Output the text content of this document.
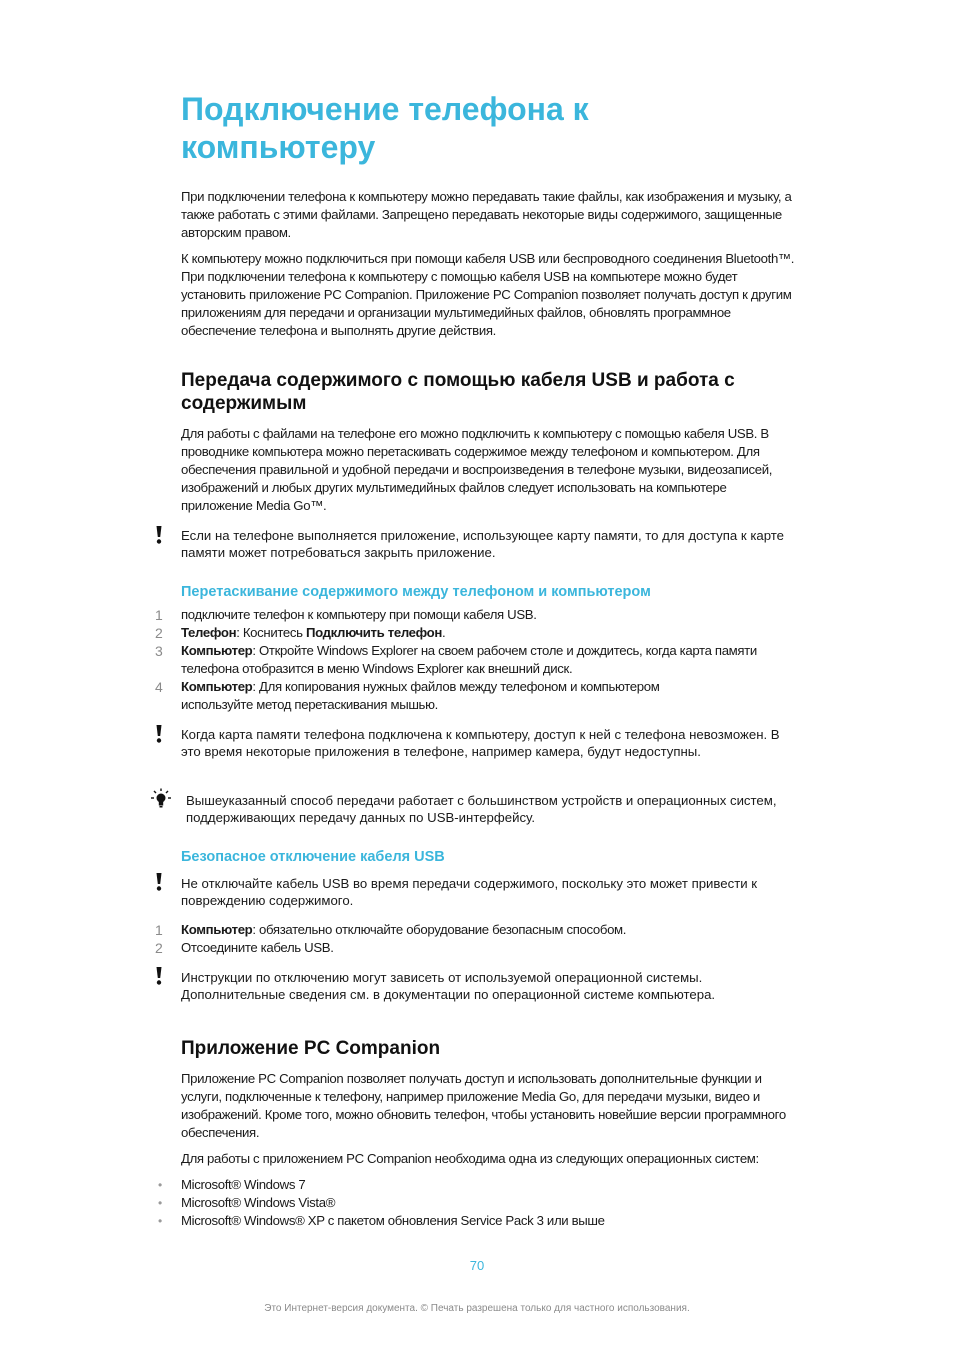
Подключение телефона к компьютеру

При подключении телефона к компьютеру можно передавать такие файлы, как изображения и музыку, а также работать с этими файлами. Запрещено передавать некоторые виды содержимого, защищенные авторским правом.

К компьютеру можно подключиться при помощи кабеля USB или беспроводного соединения Bluetooth™. При подключении телефона к компьютеру с помощью кабеля USB на компьютере можно будет установить приложение PC Companion. Приложение PC Companion позволяет получать доступ к другим приложениям для передачи и организации мультимедийных файлов, обновлять программное обеспечение телефона и выполнять другие действия.

Передача содержимого с помощью кабеля USB и работа с содержимым

Для работы с файлами на телефоне его можно подключить к компьютеру с помощью кабеля USB. В проводнике компьютера можно перетаскивать содержимое между телефоном и компьютером. Для обеспечения правильной и удобной передачи и воспроизведения в телефоне музыки, видеозаписей, изображений и любых других мультимедийных файлов следует использовать на компьютере приложение Media Go™.

Если на телефоне выполняется приложение, использующее карту памяти, то для доступа к карте памяти может потребоваться закрыть приложение.

Перетаскивание содержимого между телефоном и компьютером
1	подключите телефон к компьютеру при помощи кабеля USB.

2	Телефон: Коснитесь Подключить телефон.

3	Компьютер: Откройте Windows Explorer на своем рабочем столе и дождитесь, когда карта памяти телефона отобразится в меню Windows Explorer как внешний диск.

4	Компьютер: Для копирования нужных файлов между телефоном и компьютером используйте метод перетаскивания мышью.

Когда карта памяти телефона подключена к компьютеру, доступ к ней с телефона невозможен. В это время некоторые приложения в телефоне, например камера, будут недоступны.

Вышеуказанный способ передачи работает с большинством устройств и операционных систем, поддерживающих передачу данных по USB-интерфейсу.

Безопасное отключение кабеля USB

Не отключайте кабель USB во время передачи содержимого, поскольку это может привести к повреждению содержимого.

1	Компьютер: обязательно отключайте оборудование безопасным способом.

2	Отсоедините кабель USB.

Инструкции по отключению могут зависеть от используемой операционной системы. Дополнительные сведения см. в документации по операционной системе компьютера.

Приложение PC Companion

Приложение PC Companion позволяет получать доступ и использовать дополнительные функции и услуги, подключенные к телефону, например приложение Media Go, для передачи музыки, видео и изображений. Кроме того, можно обновить телефон, чтобы установить новейшие версии программного обеспечения.

Для работы с приложением PC Companion необходима одна из следующих операционных систем:

• Microsoft® Windows 7

• Microsoft® Windows Vista®

• Microsoft® Windows® XP с пакетом обновления Service Pack 3 или выше

70
Это Интернет-версия документа. © Печать разрешена только для частного использования.
